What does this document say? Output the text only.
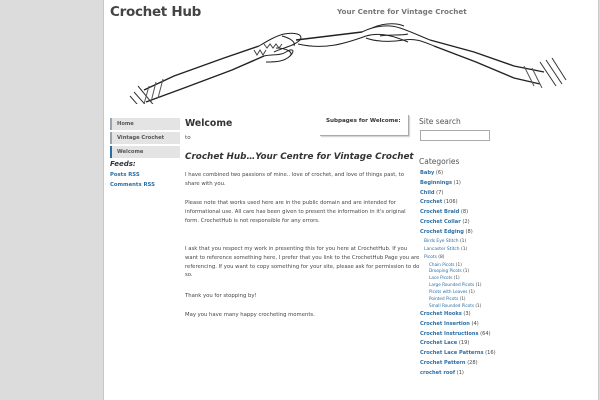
Crochet Hub	Your Centre for Vintage Crochet
Home
Vintage Crochet
Welcome
Feeds:
Posts RSS
Comments RSS
Welcome
to
Crochet Hub…Your Centre for Vintage Crochet

I have combined two passions of mine.. love of crochet, and love of things past, to share with you.

Please note that works used here are in the public domain and are intended for informational use. All care has been given to present the information in it's original form. CrochetHub is not responsible for any errors.

I ask that you respect my work in presenting this for you here at CrochetHub. If you want to reference something here, I prefer that you link to the CrochetHub Page you are referencing. If you want to copy something for your site, please ask for permission to do so.

Thank you for stopping by!

May you have many happy crocheting moments.

Subpages for Welcome: Site search
Categories
Baby (6)
Beginnings (1)
Child (7)
Crochet (106)
Crochet Braid (8)
Crochet Collar (2)
Crochet Edging (8)
Birds Eye Stitch (1)
Lancaster Stitch (1)
Picots (8)
Chain Picots (1)
Drooping Picots (1)
Lace Picots (1)
Large Rounded Picots (1)
Picots with Leaves (1)
Pointed Picots (1)
Small Rounded Picots (1)
Crochet Hooks (3)
Crochet Insertion (4)
Crochet Instructions (64)
Crochet Lace (19)
Crochet Lace Patterns (16)
Crochet Pattern (28)
crochet roof (1)
